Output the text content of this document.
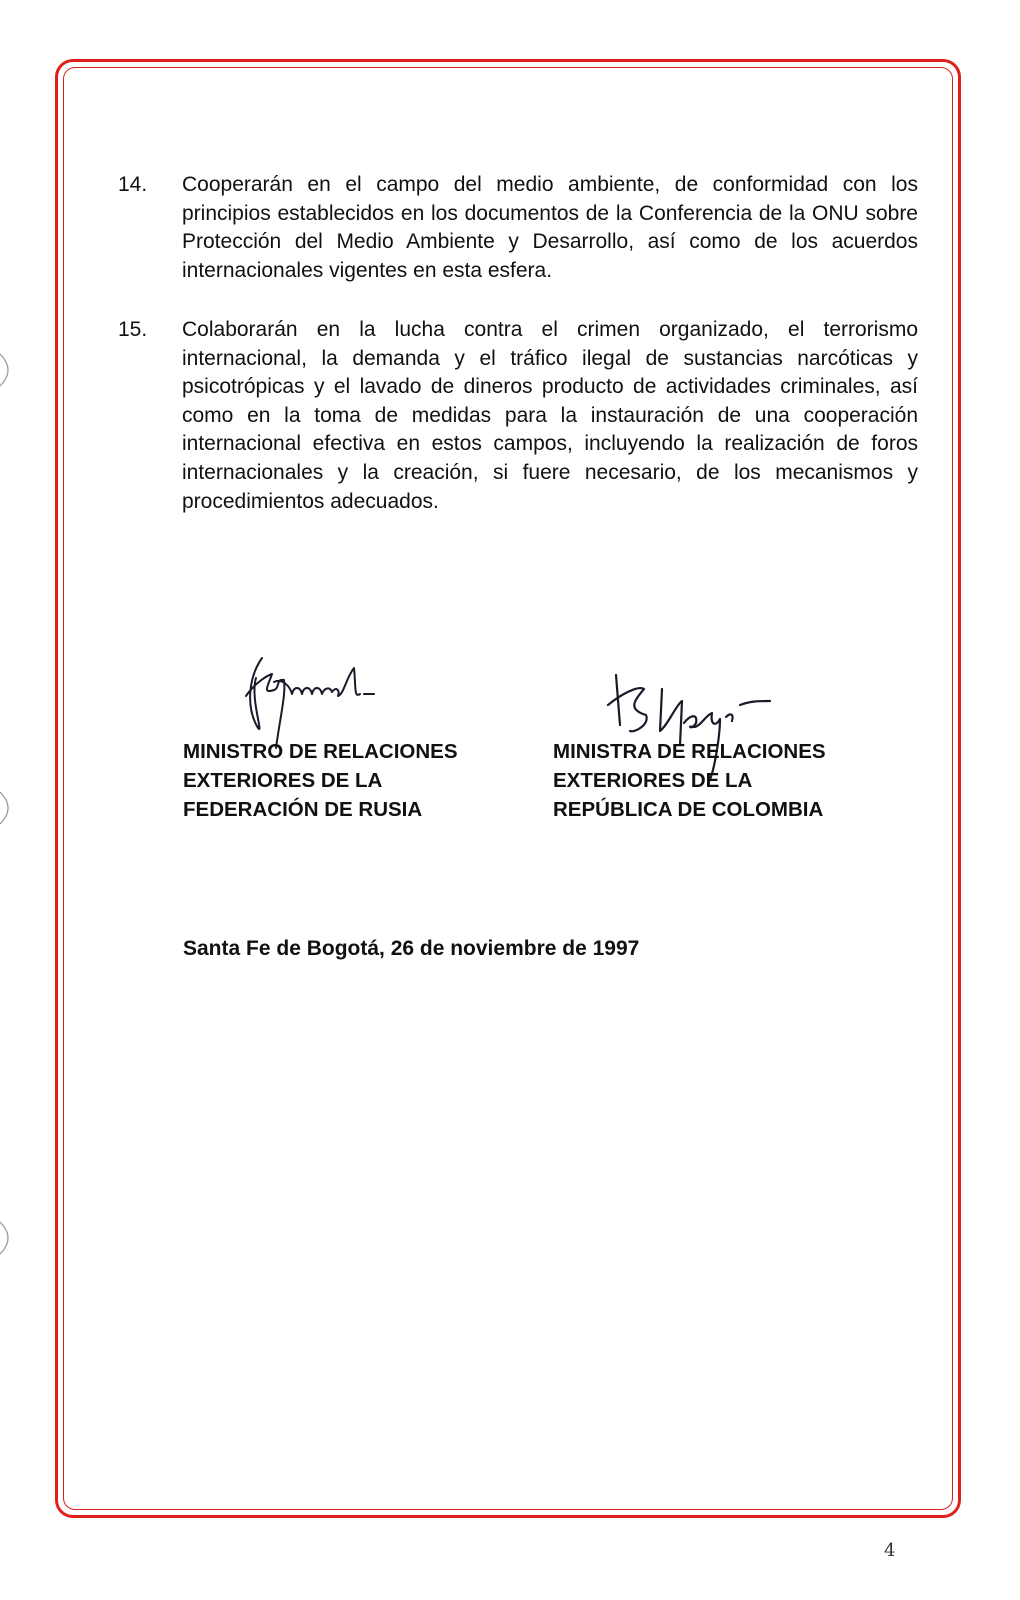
14. Cooperarán en el campo del medio ambiente, de conformidad con los principios establecidos en los documentos de la Conferencia de la ONU sobre Protección del Medio Ambiente y Desarrollo, así como de los acuerdos internacionales vigentes en esta esfera.
15. Colaborarán en la lucha contra el crimen organizado, el terrorismo internacional, la demanda y el tráfico ilegal de sustancias narcóticas y psicotrópicas y el lavado de dineros producto de actividades criminales, así como en la toma de medidas para la instauración de una cooperación internacional efectiva en estos campos, incluyendo la realización de foros internacionales y la creación, si fuere necesario, de los mecanismos y procedimientos adecuados.
MINISTRO DE RELACIONES
EXTERIORES DE LA
FEDERACIÓN DE RUSIA
MINISTRA DE RELACIONES
EXTERIORES DE LA
REPÚBLICA DE COLOMBIA
Santa Fe de Bogotá, 26 de noviembre de 1997
4
